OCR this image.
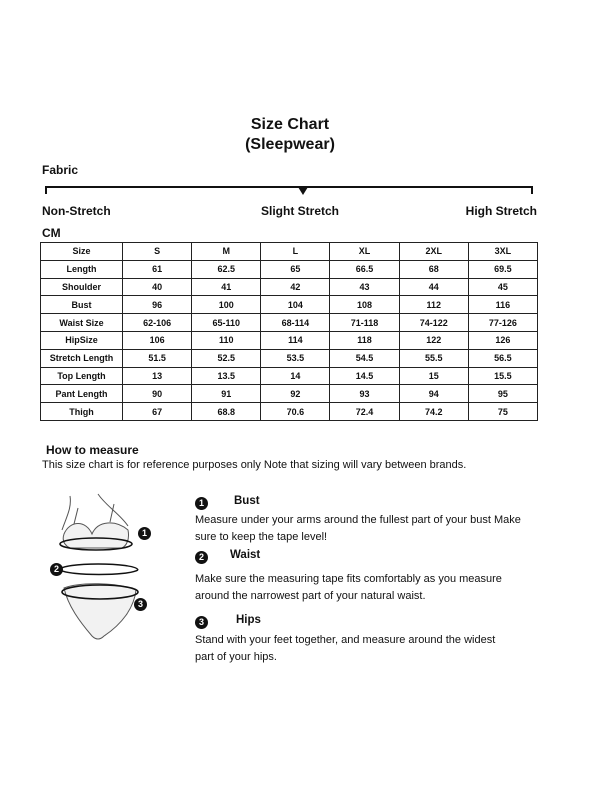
Size Chart
(Sleepwear)
Fabric
Non-Stretch	Slight Stretch	High Stretch
CM
Size	S	M	L	XL	2XL	3XL
Length	61	62.5	65	66.5	68	69.5
Shoulder	40	41	42	43	44	45
Bust	96	100	104	108	112	116
Waist Size	62-106	65-110	68-114	71-118	74-122	77-126
HipSize	106	110	114	118	122	126
Stretch Length	51.5	52.5	53.5	54.5	55.5	56.5
Top Length	13	13.5	14	14.5	15	15.5
Pant Length	90	91	92	93	94	95
Thigh	67	68.8	70.6	72.4	74.2	75
How to measure
This size chart is for reference purposes only Note that sizing will vary between brands.
1
2
3
1	Bust
Measure under your arms around the fullest part of your bust Make
sure to keep the tape level!
2	Waist
Make sure the measuring tape fits comfortably as you measure
around the narrowest part of your natural waist.
3	Hips
Stand with your feet together, and measure around the widest
part of your hips.
